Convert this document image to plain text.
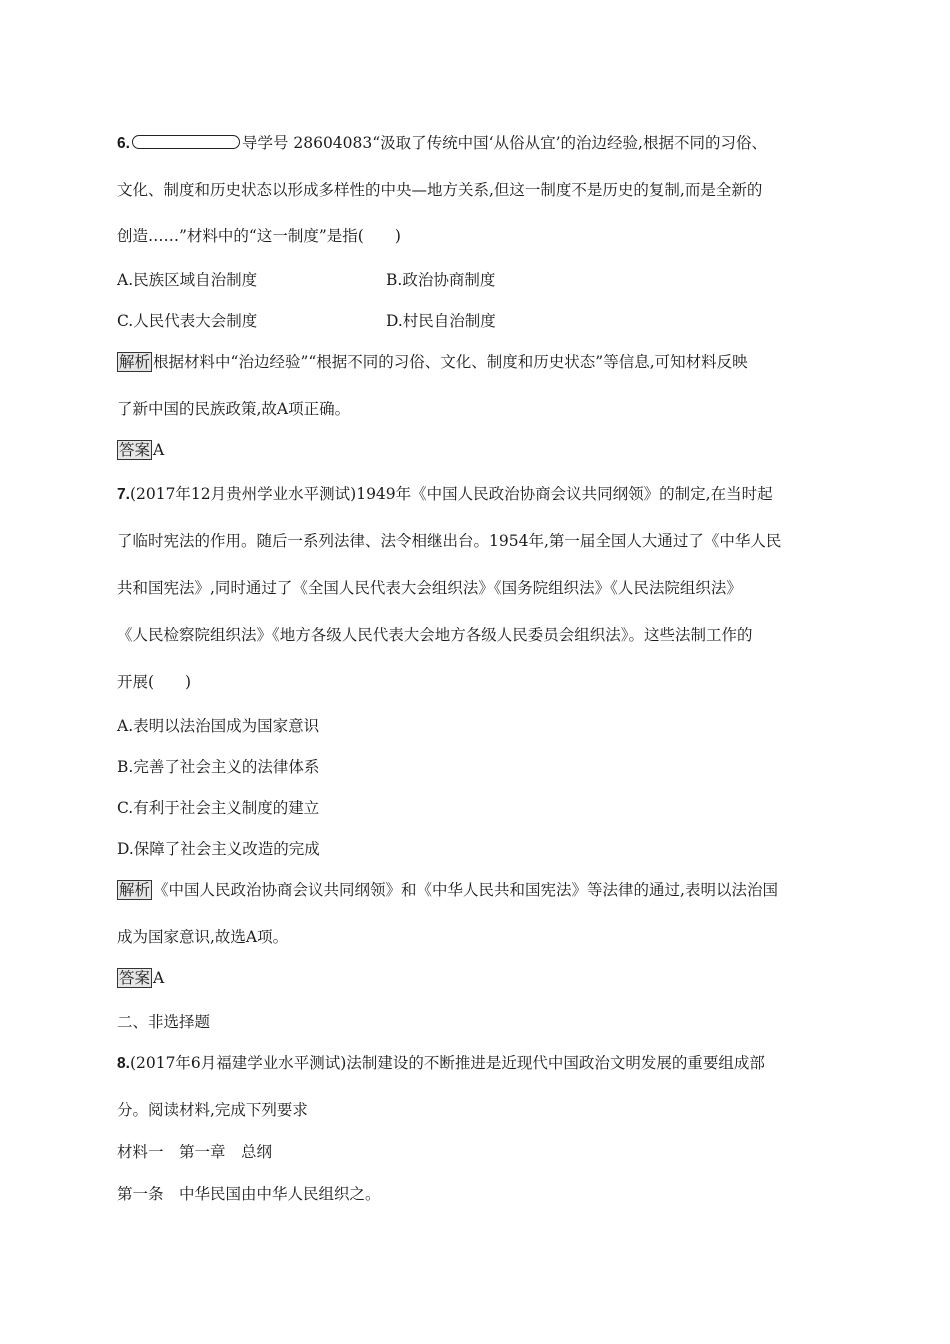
6.	导学号 28604083“汲取了传统中国‘从俗从宜’的治边经验,根据不同的习俗、
文化、制度和历史状态以形成多样性的中央—地方关系,但这一制度不是历史的复制,而是全新的
创造……”材料中的“这一制度”是指(　　)
A.民族区域自治制度	B.政治协商制度
C.人民代表大会制度	D.村民自治制度
解析 根据材料中“治边经验”“根据不同的习俗、文化、制度和历史状态”等信息,可知材料反映
了新中国的民族政策,故A项正确。
答案 A
7.(2017年12月贵州学业水平测试)1949年《中国人民政治协商会议共同纲领》的制定,在当时起
了临时宪法的作用。随后一系列法律、法令相继出台。1954年,第一届全国人大通过了《中华人民
共和国宪法》,同时通过了《全国人民代表大会组织法》《国务院组织法》《人民法院组织法》
《人民检察院组织法》《地方各级人民代表大会地方各级人民委员会组织法》。这些法制工作的
开展(　　)
A.表明以法治国成为国家意识
B.完善了社会主义的法律体系
C.有利于社会主义制度的建立
D.保障了社会主义改造的完成
解析 《中国人民政治协商会议共同纲领》和《中华人民共和国宪法》等法律的通过,表明以法治国
成为国家意识,故选A项。
答案 A
二、非选择题
8.(2017年6月福建学业水平测试)法制建设的不断推进是近现代中国政治文明发展的重要组成部
分。阅读材料,完成下列要求
材料一　第一章　总纲
第一条　中华民国由中华人民组织之。
